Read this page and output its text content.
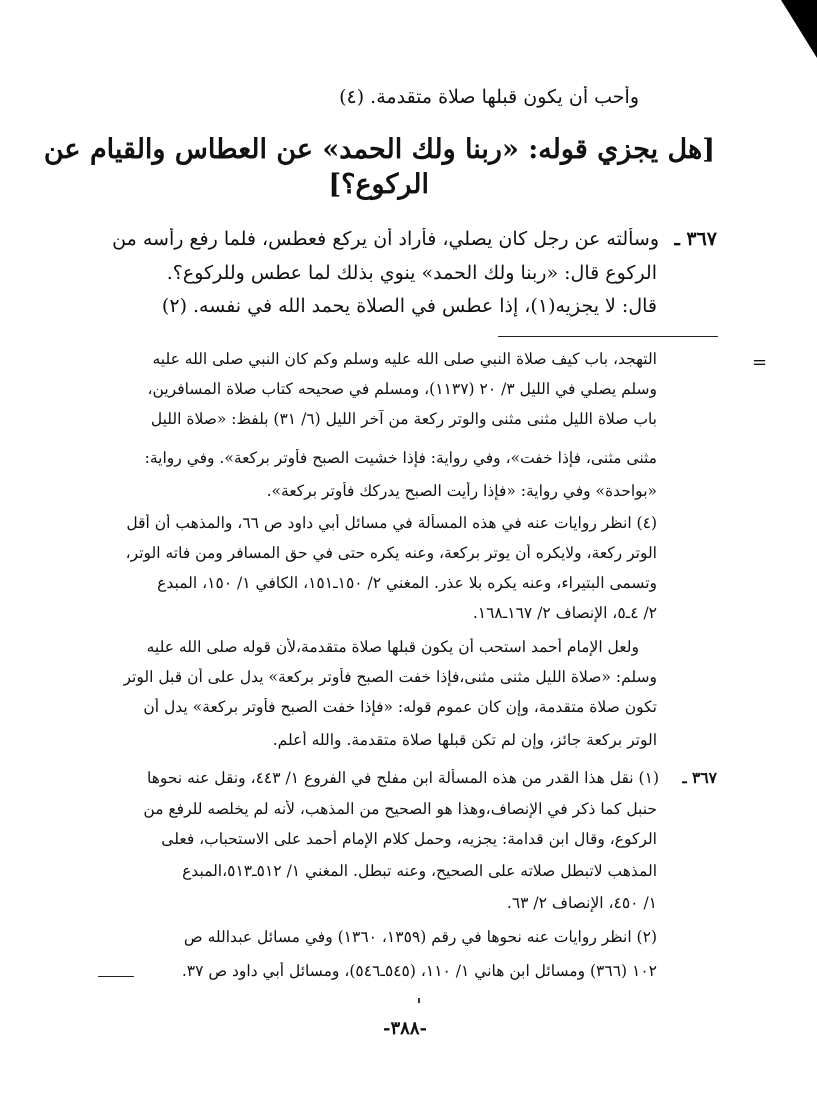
وأحب أن يكون قبلها صلاة متقدمة. (٤)
[هل يجزي قوله: «ربنا ولك الحمد» عن العطاس والقيام عن
الركوع؟]
٣٦٧ ـ
وسألته عن رجل كان يصلي، فأراد أن يركع فعطس، فلما رفع رأسه من
الركوع قال: «ربنا ولك الحمد» ينوي بذلك لما عطس وللركوع؟.
قال: لا يجزيه(١)، إذا عطس في الصلاة يحمد الله في نفسه. (٢)
=
التهجد، باب كيف صلاة النبي صلى الله عليه وسلم وكم كان النبي صلى الله عليه
وسلم يصلي في الليل ٣/ ٢٠ (١١٣٧)، ومسلم في صحيحه كتاب صلاة المسافرين،
باب صلاة الليل مثنى مثنى والوتر ركعة من آخر الليل (٦/ ٣١) بلفظ: «صلاة الليل
مثنى مثنى، فإذا خفت»، وفي رواية: فإذا خشيت الصبح فأوتر بركعة». وفي رواية:
«بواحدة» وفي رواية: «فإذا رأيت الصبح يدركك فأوتر بركعة».
(٤) انظر روايات عنه في هذه المسألة في مسائل أبي داود ص ٦٦، والمذهب أن أقل
الوتر ركعة، ولايكره أن يوتر بركعة، وعنه يكره حتى في حق المسافر ومن فاته الوتر،
وتسمى البتيراء، وعنه يكره بلا عذر. المغني ٢/ ١٥٠ـ١٥١، الكافي ١/ ١٥٠، المبدع
٢/ ٤ـ٥، الإنصاف ٢/ ١٦٧ـ١٦٨.
ولعل الإمام أحمد استحب أن يكون قبلها صلاة متقدمة،لأن قوله صلى الله عليه
وسلم: «صلاة الليل مثنى مثنى،فإذا خفت الصبح فأوتر بركعة» يدل على أن قبل الوتر
تكون صلاة متقدمة، وإن كان عموم قوله: «فإذا خفت الصبح فأوتر بركعة» يدل أن
الوتر بركعة جائز، وإن لم تكن قبلها صلاة متقدمة. والله أعلم.
٣٦٧ ـ
(١) نقل هذا القدر من هذه المسألة ابن مفلح في الفروع ١/ ٤٤٣، ونقل عنه نحوها
حنبل كما ذكر في الإنصاف،وهذا هو الصحيح من المذهب، لأنه لم يخلصه للرفع من
الركوع، وقال ابن قدامة: يجزيه، وحمل كلام الإمام أحمد على الاستحباب، فعلى
المذهب لاتبطل صلاته على الصحيح، وعنه تبطل. المغني ١/ ٥١٢ـ٥١٣،المبدع
١/ ٤٥٠، الإنصاف ٢/ ٦٣.
(٢) انظر روايات عنه نحوها في رقم (١٣٥٩، ١٣٦٠) وفي مسائل عبدالله ص
١٠٢ (٣٦٦) ومسائل ابن هاني ١/ ١١٠، (٥٤٥ـ٥٤٦)، ومسائل أبي داود ص ٣٧.
-٣٨٨-
